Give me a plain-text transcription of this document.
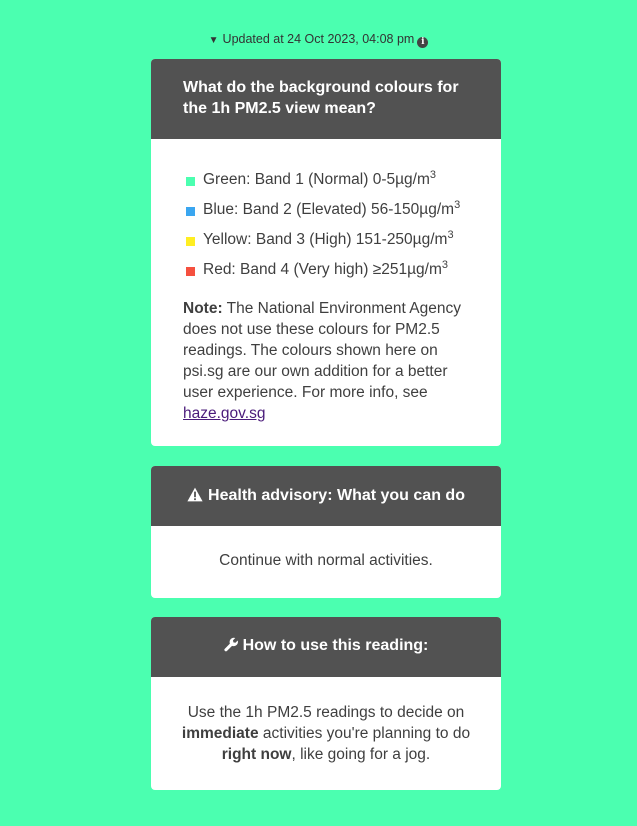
▼ Updated at 24 Oct 2023, 04:08 pm i
What do the background colours for the 1h PM2.5 view mean?
Green: Band 1 (Normal) $0-5\mu g/m^3$
Blue: Band 2 (Elevated) $56-150\mu g/m^3$
Yellow: Band 3 (High) $151-250\mu g/m^3$
Red: Band 4 (Very high) $\ge 251\mu g/m^3$
Note: The National Environment Agency does not use these colours for PM2.5 readings. The colours shown here on psi.sg are our own addition for a better user experience. For more info, see haze.gov.sg
Health advisory: What you can do
Continue with normal activities.
How to use this reading:
Use the 1h PM2.5 readings to decide on immediate activities you're planning to do right now, like going for a jog.
